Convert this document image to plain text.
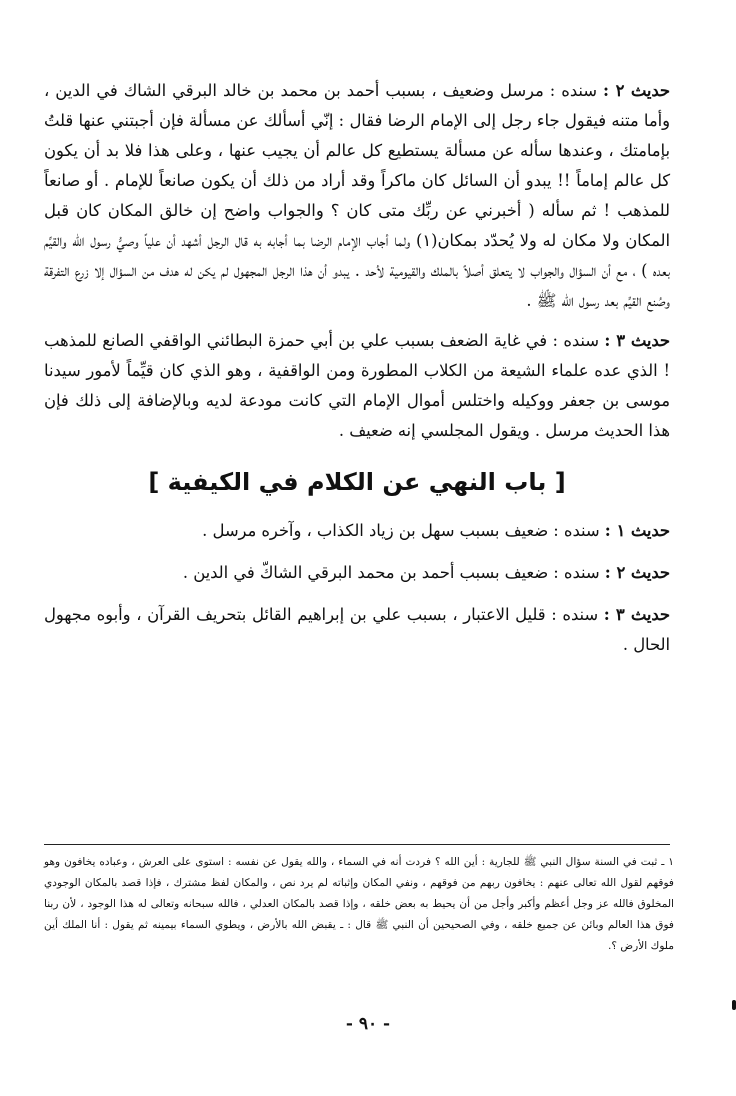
حديث ٢ : سنده : مرسل وضعيف ، بسبب أحمد بن محمد بن خالد البرقي الشاك في الدين ، وأما متنه فيقول جاء رجل إلى الإمام الرضا فقال : إنّي أسألك عن مسألة فإن أجبتني عنها قلتُ بإمامتك ، وعندها سأله عن مسألة يستطيع كل عالم أن يجيب عنها ، وعلى هذا فلا بد أن يكون كل عالم إماماً !! يبدو أن السائل كان ماكراً وقد أراد من ذلك أن يكون صانعاً للإمام . أو صانعاً للمذهب ! ثم سأله ( أخبرني عن ربِّك متى كان ؟ والجواب واضح إن خالق المكان كان قبل المكان ولا مكان له ولا يُحدّد بمكان(١) ولما أجاب الإمام الرضا بما أجابه به قال الرجل أشهد أن علياً وصيُّ رسول الله والقيِّم بعده ) ، مع أن السؤال والجواب لا يتعلق أصلاً بالملك والقيومية لأحد . يبدو أن هذا الرجل المجهول لم يكن له هدف من السؤال إلا زرع التفرقة وصُنع القيِّم بعد رسول الله ﷺ .
حديث ٣ : سنده : في غاية الضعف بسبب علي بن أبي حمزة البطائني الواقفي الصانع للمذهب ! الذي عده علماء الشيعة من الكلاب المطورة ومن الواقفية ، وهو الذي كان قيِّماً لأمور سيدنا موسى بن جعفر ووكيله واختلس أموال الإمام التي كانت مودعة لديه وبالإضافة إلى ذلك فإن هذا الحديث مرسل . ويقول المجلسي إنه ضعيف .
[ باب النهي عن الكلام في الكيفية ]
حديث ١ : سنده : ضعيف بسبب سهل بن زياد الكذاب ، وآخره مرسل .
حديث ٢ : سنده : ضعيف بسبب أحمد بن محمد البرقي الشاكّ في الدين .
حديث ٣ : سنده : قليل الاعتبار ، بسبب علي بن إبراهيم القائل بتحريف القرآن ، وأبوه مجهول الحال .
١ ـ ثبت في السنة سؤال النبي ﷺ للجارية : أين الله ؟ فردت أنه في السماء ، والله يقول عن نفسه : استوى على العرش ، وعباده يخافون وهو فوقهم لقول الله تعالى عنهم : يخافون ربهم من فوقهم ، ونفي المكان وإثباته لم يرد نص ، والمكان لفظ مشترك ، فإذا قصد بالمكان الوجودي المخلوق فالله عز وجل أعظم وأكبر وأجل من أن يحيط به بعض خلقه ، وإذا قصد بالمكان العدلي ، فالله سبحانه وتعالى له هذا الوجود ، لأن ربنا فوق هذا العالم وبائن عن جميع خلقه ، وفي الصحيحين أن النبي ﷺ قال : ـ يقبض الله بالأرض ، ويطوي السماء بيمينه ثم يقول : أنا الملك أين ملوك الأرض ؟.
- ٩٠ -
